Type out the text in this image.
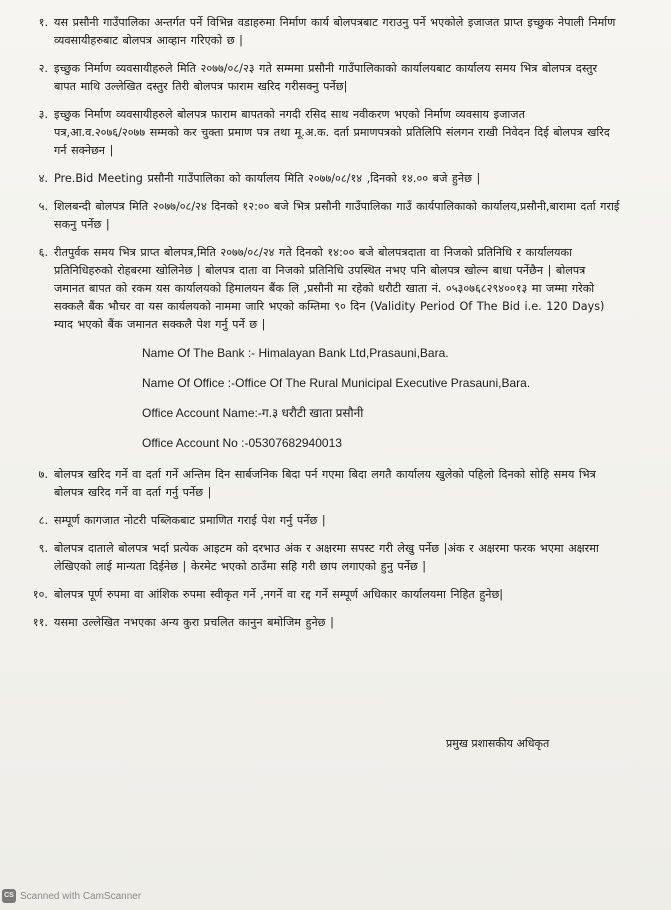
१. यस प्रसौनी गाउँपालिका अन्तर्गत पर्ने विभिन्न वडाहरुमा निर्माण कार्य बोलपत्रबाट गराउनु पर्ने भएकोले इजाजत प्राप्त इच्छुक नेपाली निर्माण व्यवसायीहरुबाट बोलपत्र आव्हान गरिएको छ |
२. इच्छुक निर्माण व्यवसायीहरुले मिति २०७७/०८/२३ गते सम्ममा प्रसौनी गाउँपालिकाको कार्यालयबाट कार्यालय समय भित्र बोलपत्र दस्तुर बापत माथि उल्लेखित दस्तुर तिरी बोलपत्र फाराम खरिद गरीसक्नु पर्नेछ|
३. इच्छुक निर्माण व्यवसायीहरुले बोलपत्र फाराम बापतको नगदी रसिद साथ नवीकरण भएको निर्माण व्यवसाय इजाजत पत्र,आ.व.२०७६/२०७७ सम्मको कर चुक्ता प्रमाण पत्र तथा मू.अ.क. दर्ता प्रमाणपत्रको प्रतिलिपि संलगन राखी निवेदन दिई बोलपत्र खरिद गर्न सक्नेछन |
४. Pre.Bid Meeting प्रसौनी गाउँपालिका को कार्यालय मिति २०७७/०८/१४ ,दिनको १४.०० बजे हुनेछ |
५. शिलबन्दी बोलपत्र मिति २०७७/०८/२४ दिनको १२:०० बजे भित्र प्रसौनी गाउँपालिका गाउँ कार्यपालिकाको कार्यालय,प्रसौनी,बारामा दर्ता गराई सकनु पर्नेछ |
६. रीतपुर्वक समय भित्र प्राप्त बोलपत्र,मिति २०७७/०८/२४ गते दिनको १४:०० बजे बोलपत्रदाता वा निजको प्रतिनिधि र कार्यालयका प्रतिनिधिहरुको रोहबरमा खोलिनेछ | बोलपत्र दाता वा निजको प्रतिनिधि उपस्थित नभए पनि बोलपत्र खोल्न बाधा पर्नेछैन | बोलपत्र जमानत बापत को रकम यस कार्यालयको हिमालयन बैंक लि ,प्रसौनी मा रहेको धरौटी खाता नं. ०५३०७६८२९४००१३ मा जम्मा गरेको सक्कलै बैंक भौचर वा यस कार्यलयको नाममा जारि भएको कम्तिमा ९० दिन (Validity Period Of The Bid i.e. 120 Days) म्याद भएको बैंक जमानत सक्कलै पेश गर्नु पर्ने छ |
Name Of The Bank :- Himalayan Bank Ltd,Prasauni,Bara.
Name Of Office :-Office Of The Rural Municipal Executive Prasauni,Bara.
Office Account Name:-ग.३ धरौटी खाता प्रसौनी
Office Account No :-05307682940013
७. बोलपत्र खरिद गर्ने वा दर्ता गर्ने अन्तिम दिन सार्बजनिक बिदा पर्न गएमा बिदा लगतै कार्यालय खुलेको पहिलो दिनको सोहि समय भित्र बोलपत्र खरिद गर्ने वा दर्ता गर्नु पर्नेछ |
८. सम्पूर्ण कागजात नोटरी पब्लिकबाट प्रमाणित गराई पेश गर्नु पर्नेछ |
९. बोलपत्र दाताले बोलपत्र भर्दा प्रत्येक आइटम को दरभाउ अंक र अक्षरमा सपस्ट गरी लेखु पर्नेछ |अंक र अक्षरमा फरक भएमा अक्षरमा लेखिएको लाई मान्यता दिईनेछ | केरमेट भएको ठाउँमा सहि गरी छाप लगाएको हुनु पर्नेछ |
१०. बोलपत्र पूर्ण रुपमा वा आंशिक रुपमा स्वीकृत गर्ने ,नगर्ने वा रद्द गर्ने सम्पूर्ण अधिकार कार्यालयमा निहित हुनेछ|
११. यसमा उल्लेखित नभएका अन्य कुरा प्रचलित कानुन बमोजिम हुनेछ |
प्रमुख प्रशासकीय अधिकृत
CS Scanned with CamScanner
